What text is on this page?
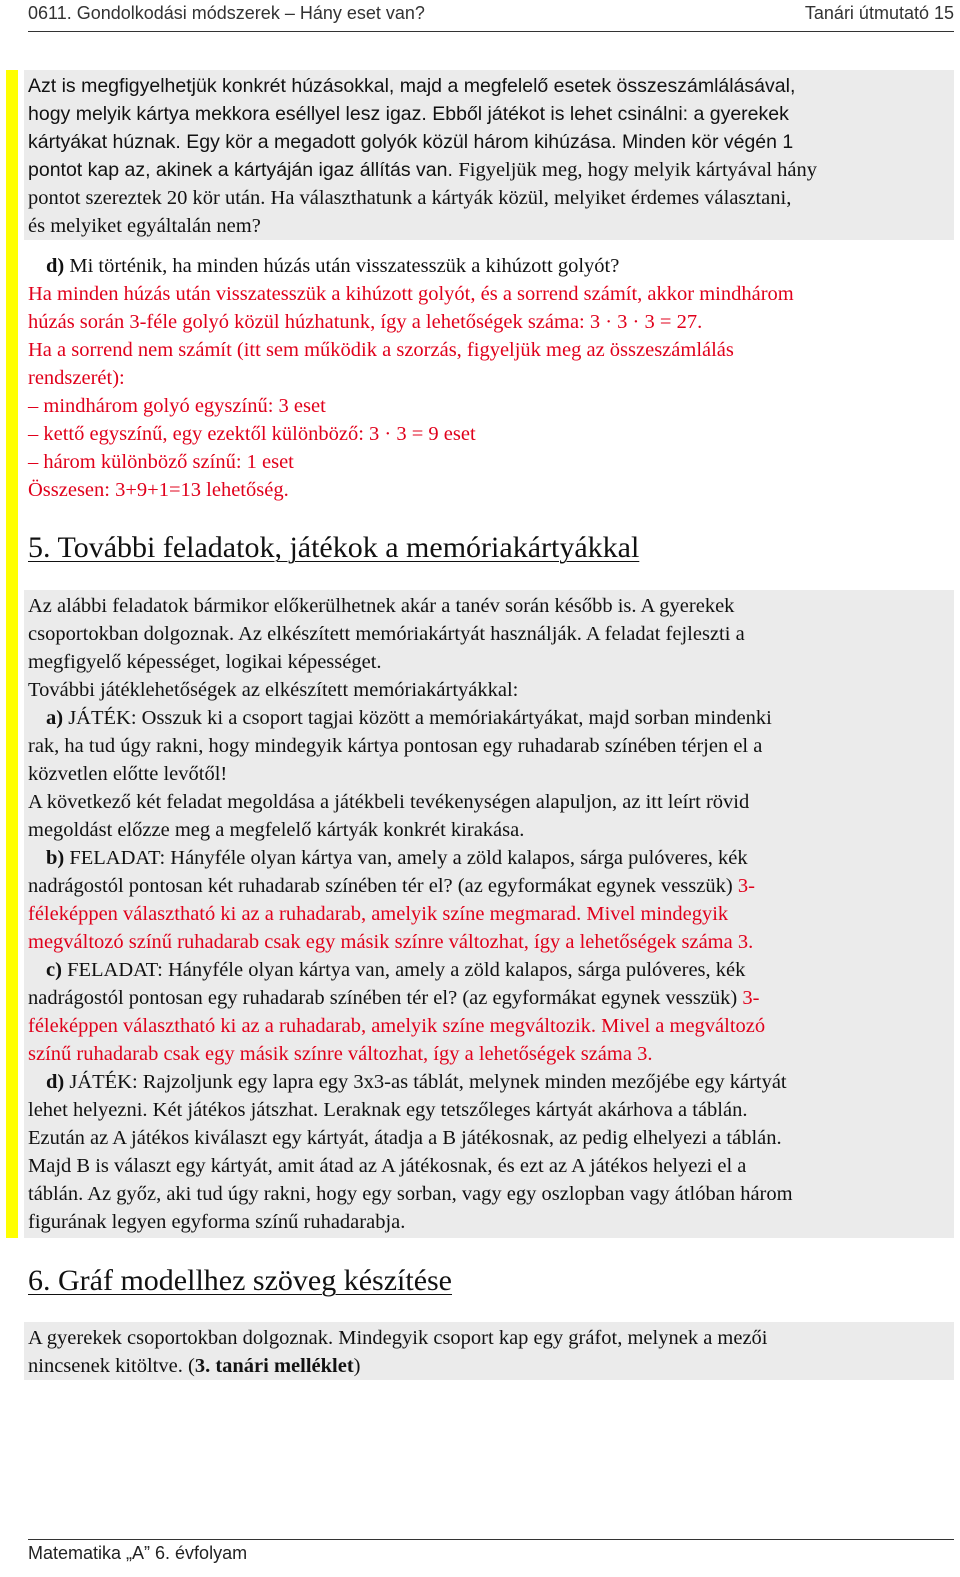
0611. Gondolkodási módszerek – Hány eset van?	Tanári útmutató 15

Azt is megfigyelhetjük konkrét húzásokkal, majd a megfelelő esetek összeszámlálásával,

hogy melyik kártya mekkora eséllyel lesz igaz. Ebből játékot is lehet csinálni: a gyerekek

kártyákat húznak. Egy kör a megadott golyók közül három kihúzása. Minden kör végén 1

pontot kap az, akinek a kártyáján igaz állítás van. Figyeljük meg, hogy melyik kártyával hány

pontot szereztek 20 kör után. Ha választhatunk a kártyák közül, melyiket érdemes választani,

és melyiket egyáltalán nem?

d) Mi történik, ha minden húzás után visszatesszük a kihúzott golyót?

Ha minden húzás után visszatesszük a kihúzott golyót, és a sorrend számít, akkor mindhárom

húzás során 3-féle golyó közül húzhatunk, így a lehetőségek száma: 3 · 3 · 3 = 27.

Ha a sorrend nem számít (itt sem működik a szorzás, figyeljük meg az összeszámlálás

rendszerét):

– mindhárom golyó egyszínű: 3 eset

– kettő egyszínű, egy ezektől különböző: 3 · 3 = 9 eset

– három különböző színű: 1 eset

Összesen: 3+9+1=13 lehetőség.

5. További feladatok, játékok a memóriakártyákkal

Az alábbi feladatok bármikor előkerülhetnek akár a tanév során később is. A gyerekek

csoportokban dolgoznak. Az elkészített memóriakártyát használják. A feladat fejleszti a

megfigyelő képességet, logikai képességet.

További játéklehetőségek az elkészített memóriakártyákkal:

a) JÁTÉK: Osszuk ki a csoport tagjai között a memóriakártyákat, majd sorban mindenki

rak, ha tud úgy rakni, hogy mindegyik kártya pontosan egy ruhadarab színében térjen el a

közvetlen előtte levőtől!

A következő két feladat megoldása a játékbeli tevékenységen alapuljon, az itt leírt rövid

megoldást előzze meg a megfelelő kártyák konkrét kirakása.

b) FELADAT: Hányféle olyan kártya van, amely a zöld kalapos, sárga pulóveres, kék

nadrágostól pontosan két ruhadarab színében tér el? (az egyformákat egynek vesszük) 3-

féleképpen választható ki az a ruhadarab, amelyik színe megmarad. Mivel mindegyik

megváltozó színű ruhadarab csak egy másik színre változhat, így a lehetőségek száma 3.

c) FELADAT: Hányféle olyan kártya van, amely a zöld kalapos, sárga pulóveres, kék

nadrágostól pontosan egy ruhadarab színében tér el? (az egyformákat egynek vesszük) 3-

féleképpen választható ki az a ruhadarab, amelyik színe megváltozik. Mivel a megváltozó

színű ruhadarab csak egy másik színre változhat, így a lehetőségek száma 3.

d) JÁTÉK: Rajzoljunk egy lapra egy 3x3-as táblát, melynek minden mezőjébe egy kártyát

lehet helyezni. Két játékos játszhat. Leraknak egy tetszőleges kártyát akárhova a táblán.

Ezután az A játékos kiválaszt egy kártyát, átadja a B játékosnak, az pedig elhelyezi a táblán.

Majd B is választ egy kártyát, amit átad az A játékosnak, és ezt az A játékos helyezi el a

táblán. Az győz, aki tud úgy rakni, hogy egy sorban, vagy egy oszlopban vagy átlóban három

figurának legyen egyforma színű ruhadarabja.

6. Gráf modellhez szöveg készítése

A gyerekek csoportokban dolgoznak. Mindegyik csoport kap egy gráfot, melynek a mezői

nincsenek kitöltve. (3. tanári melléklet)

Matematika „A” 6. évfolyam
